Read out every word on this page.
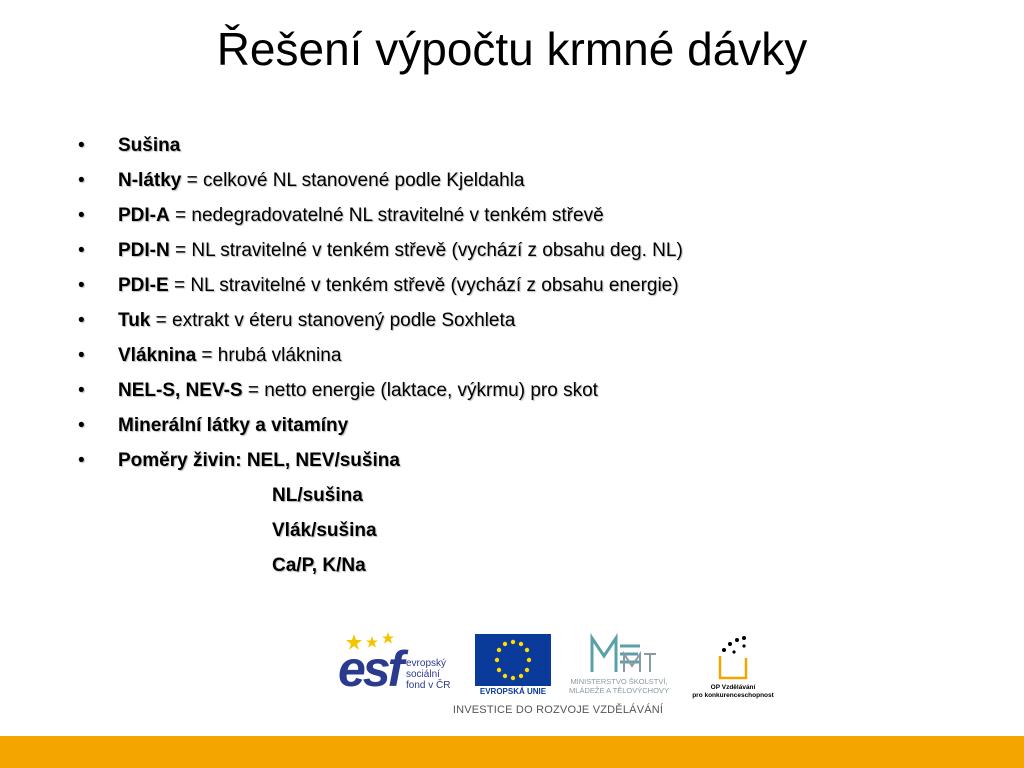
Řešení výpočtu krmné dávky
• Sušina
• N-látky = celkové NL stanovené podle Kjeldahla
• PDI-A = nedegradovatelné NL stravitelné v tenkém střevě
• PDI-N = NL stravitelné v tenkém střevě (vychází z obsahu deg. NL)
• PDI-E = NL stravitelné v tenkém střevě (vychází z obsahu energie)
• Tuk = extrakt v éteru stanovený podle Soxhleta
• Vláknina = hrubá vláknina
• NEL-S, NEV-S = netto energie (laktace, výkrmu) pro skot
• Minerální látky a vitamíny
• Poměry živin: NEL, NEV/sušina
NL/sušina
Vlák/sušina
Ca/P, K/Na
esf evropský
sociální
fond v ČR
EVROPSKÁ UNIE
MINISTERSTVO ŠKOLSTVÍ,
MLÁDEŽE A TĚLOVÝCHOVY	OP Vzdělávání
pro konkurenceschopnost
INVESTICE DO ROZVOJE VZDĚLÁVÁNÍ
